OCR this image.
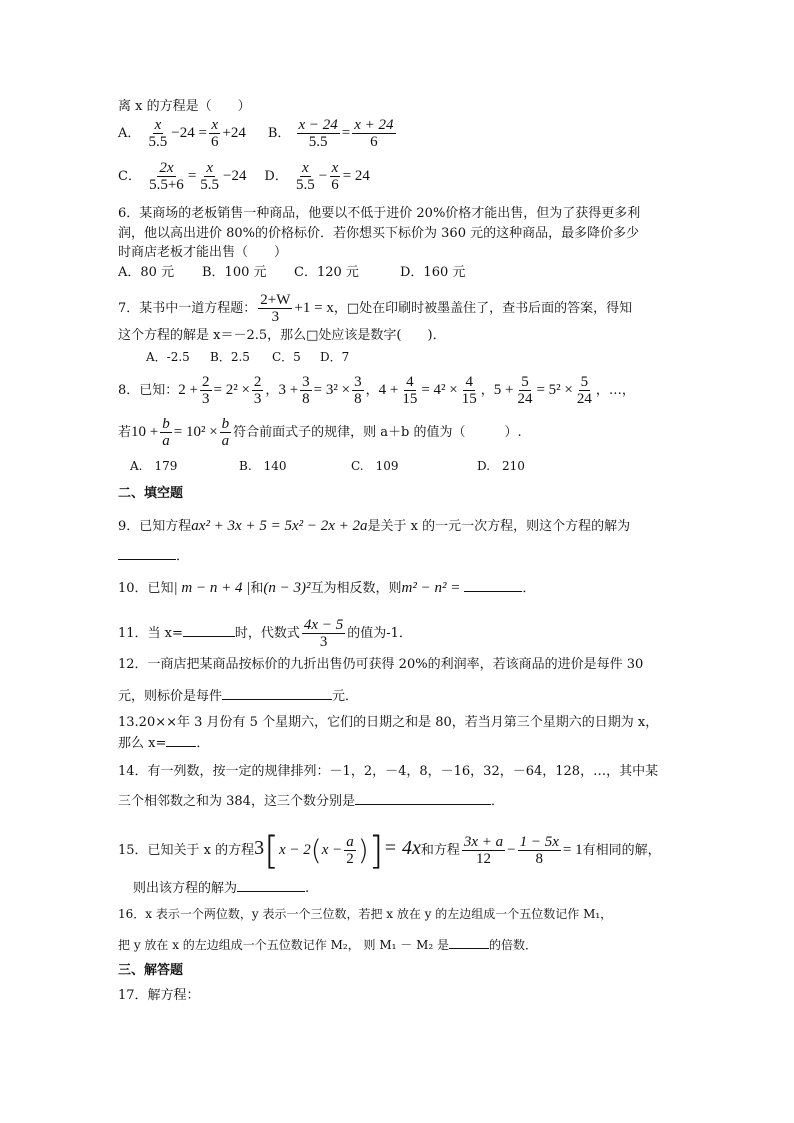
离 x 的方程是（　　）
A． $\frac{x}{5.5} -24 = \frac{x}{6} +24$ B． $\frac{x - 24}{5.5} = \frac{x + 24}{6}$
C． $\frac{2x}{5.5+6} = \frac{x}{5.5} -24$ D． $\frac{x}{5.5} - \frac{x}{6} = 24$
6．某商场的老板销售一种商品，他要以不低于进价 20%价格才能出售，但为了获得更多利
润，他以高出进价 80%的价格标价．若你想买下标价为 360 元的这种商品，最多降价多少
时商店老板才能出售（　　）
A．80 元 B．100 元 C．120 元	D．160 元
7．某书中一道方程题： $\frac{2+W}{3} +1 = x$，□处在印刷时被墨盖住了，查书后面的答案，得知
这个方程的解是 x＝－2.5，那么□处应该是数字(　　)．
A．-2.5 B．2.5 C．5 D．7
8．已知：$2 + \frac{2}{3} = 2^2 \times \frac{2}{3}$ ，$3 + \frac{3}{8} = 3^2 \times \frac{3}{8}$ ，$4 + \frac{4}{15} = 4^2 \times \frac{4}{15}$ ，$5 + \frac{5}{24} = 5^2 \times \frac{5}{24}$ ，…，
若$10 + \frac{b}{a} = 10^2 \times \frac{b}{a}$ 符合前面式子的规律，则 a＋b 的值为（　　　）.
A.　179	B.　140	C.　109	D.　210
二、填空题
9．已知方程ax² + 3x + 5 = 5x² − 2x + 2a是关于 x 的一元一次方程，则这个方程的解为
．
10．已知| m − n + 4 |和(n − 3)²互为相反数，则m² − n² =	．
11．当 x=	时，代数式 $\frac{4x - 5}{3}$ 的值为-1．
12．一商店把某商品按标价的九折出售仍可获得 20%的利润率，若该商品的进价是每件 30
元，则标价是每件	元．
13.20××年 3 月份有 5 个星期六，它们的日期之和是 80，若当月第三个星期六的日期为 x，
那么 x= ．
14．有一列数，按一定的规律排列：－1，2，－4，8，－16，32，－64，128，…，其中某
三个相邻数之和为 384，这三个数分别是	．
15．已知关于 x 的方程$3[x - 2(x - \frac{a}{2}$ )]= 4x和方程 $\frac{3x + a}{12} - \frac{1 - 5x}{8} = 1$有相同的解，
则出该方程的解为	.
16．x 表示一个两位数，y 表示一个三位数，若把 x 放在 y 的左边组成一个五位数记作 M₁，
把 y 放在 x 的左边组成一个五位数记作 M₂， 则 M₁ － M₂ 是	的倍数．
三、解答题
17．解方程：
